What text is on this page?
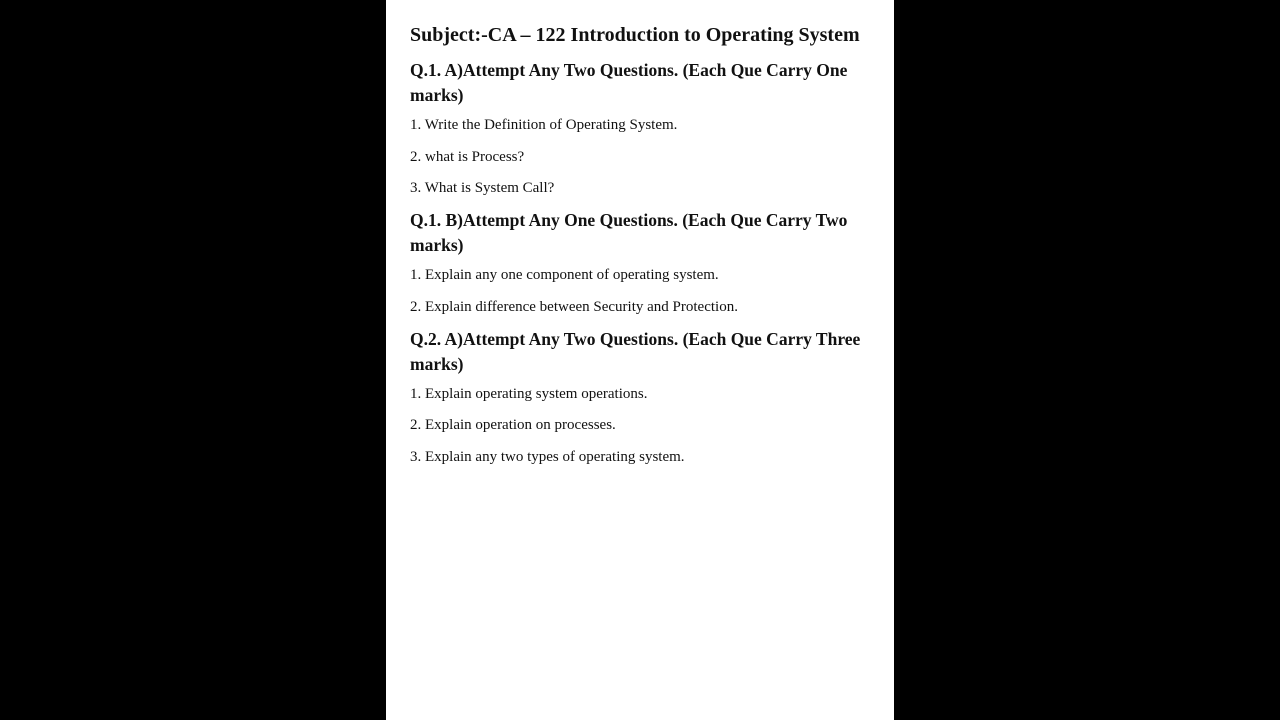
Subject:-CA – 122 Introduction to Operating System
Q.1. A)Attempt Any Two Questions. (Each Que Carry One marks)
1. Write the Definition of Operating System.
2. what is Process?
3. What is System Call?
Q.1. B)Attempt Any One Questions. (Each Que Carry Two marks)
1. Explain any one component of operating system.
2. Explain difference between Security and Protection.
Q.2. A)Attempt Any Two Questions. (Each Que Carry Three marks)
1. Explain operating system operations.
2. Explain operation on processes.
3. Explain any two types of operating system.
